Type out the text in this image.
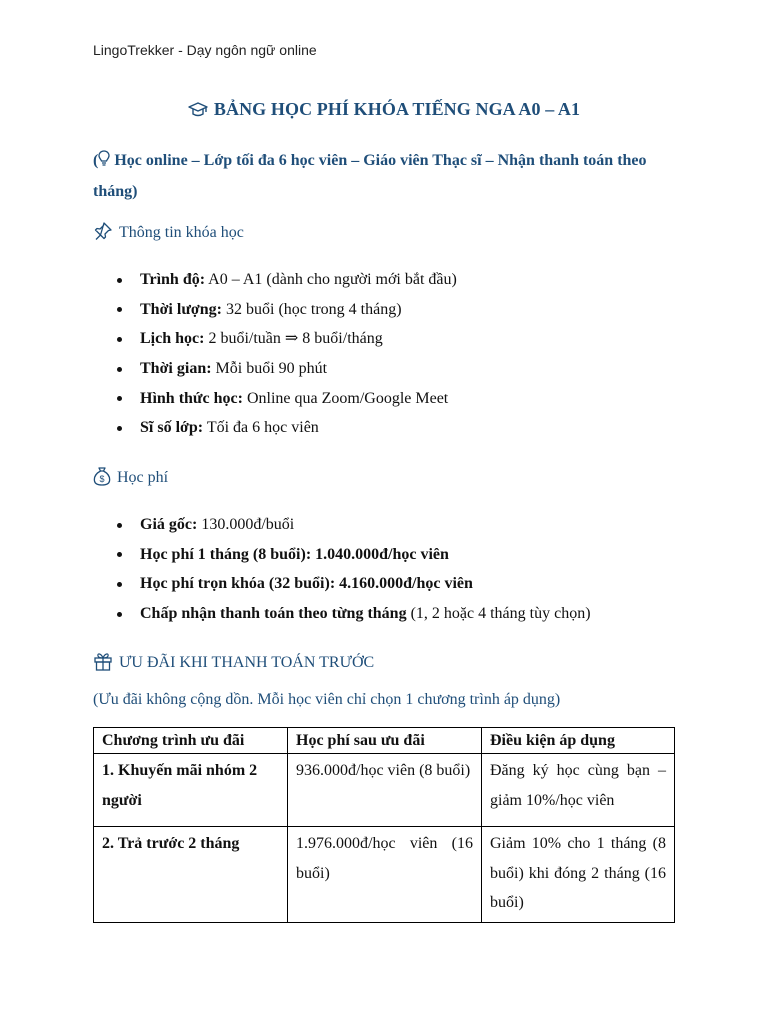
LingoTrekker - Dạy ngôn ngữ online
BẢNG HỌC PHÍ KHÓA TIẾNG NGA A0 – A1
( Học online – Lớp tối đa 6 học viên – Giáo viên Thạc sĩ – Nhận thanh toán theo tháng)
Thông tin khóa học
Trình độ: A0 – A1 (dành cho người mới bắt đầu)
Thời lượng: 32 buổi (học trong 4 tháng)
Lịch học: 2 buổi/tuần ⇒ 8 buổi/tháng
Thời gian: Mỗi buổi 90 phút
Hình thức học: Online qua Zoom/Google Meet
Sĩ số lớp: Tối đa 6 học viên
$ Học phí
Giá gốc: 130.000đ/buổi
Học phí 1 tháng (8 buổi): 1.040.000đ/học viên
Học phí trọn khóa (32 buổi): 4.160.000đ/học viên
Chấp nhận thanh toán theo từng tháng (1, 2 hoặc 4 tháng tùy chọn)
ƯU ĐÃI KHI THANH TOÁN TRƯỚC
(Ưu đãi không cộng dồn. Mỗi học viên chỉ chọn 1 chương trình áp dụng)
Chương trình ưu đãi	Học phí sau ưu đãi	Điều kiện áp dụng
1. Khuyến mãi nhóm 2 người	936.000đ/học viên (8 buổi)	Đăng ký học cùng bạn – giảm 10%/học viên
2. Trả trước 2 tháng	1.976.000đ/học viên (16 buổi)	Giảm 10% cho 1 tháng (8 buổi) khi đóng 2 tháng (16 buổi)
